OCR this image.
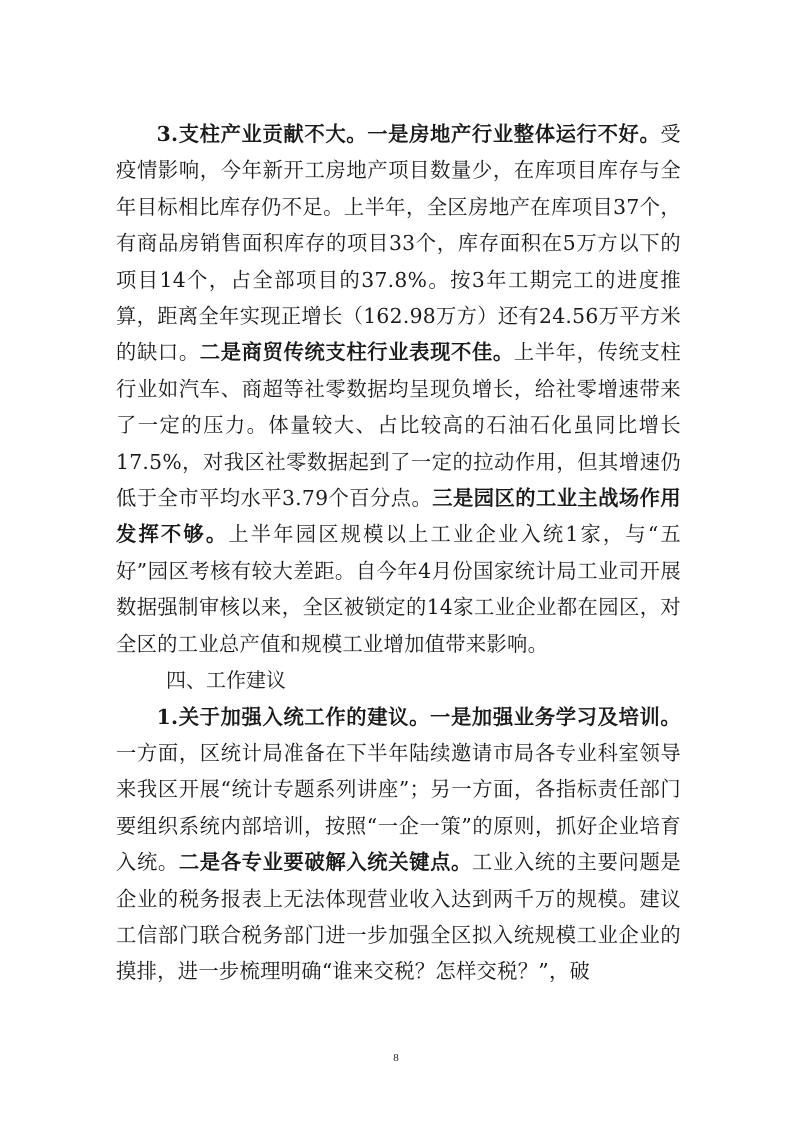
3.支柱产业贡献不大。一是房地产行业整体运行不好。受疫情影响，今年新开工房地产项目数量少，在库项目库存与全年目标相比库存仍不足。上半年，全区房地产在库项目37个，有商品房销售面积库存的项目33个，库存面积在5万方以下的项目14个，占全部项目的37.8%。按3年工期完工的进度推算，距离全年实现正增长（162.98万方）还有24.56万平方米的缺口。二是商贸传统支柱行业表现不佳。上半年，传统支柱行业如汽车、商超等社零数据均呈现负增长，给社零增速带来了一定的压力。体量较大、占比较高的石油石化虽同比增长17.5%，对我区社零数据起到了一定的拉动作用，但其增速仍低于全市平均水平3.79个百分点。三是园区的工业主战场作用发挥不够。上半年园区规模以上工业企业入统1家，与“五好”园区考核有较大差距。自今年4月份国家统计局工业司开展数据强制审核以来，全区被锁定的14家工业企业都在园区，对全区的工业总产值和规模工业增加值带来影响。

四、工作建议

1.关于加强入统工作的建议。一是加强业务学习及培训。一方面，区统计局准备在下半年陆续邀请市局各专业科室领导来我区开展“统计专题系列讲座”；另一方面，各指标责任部门要组织系统内部培训，按照“一企一策”的原则，抓好企业培育入统。二是各专业要破解入统关键点。工业入统的主要问题是企业的税务报表上无法体现营业收入达到两千万的规模。建议工信部门联合税务部门进一步加强全区拟入统规模工业企业的摸排，进一步梳理明确“谁来交税？怎样交税？”，破

8
